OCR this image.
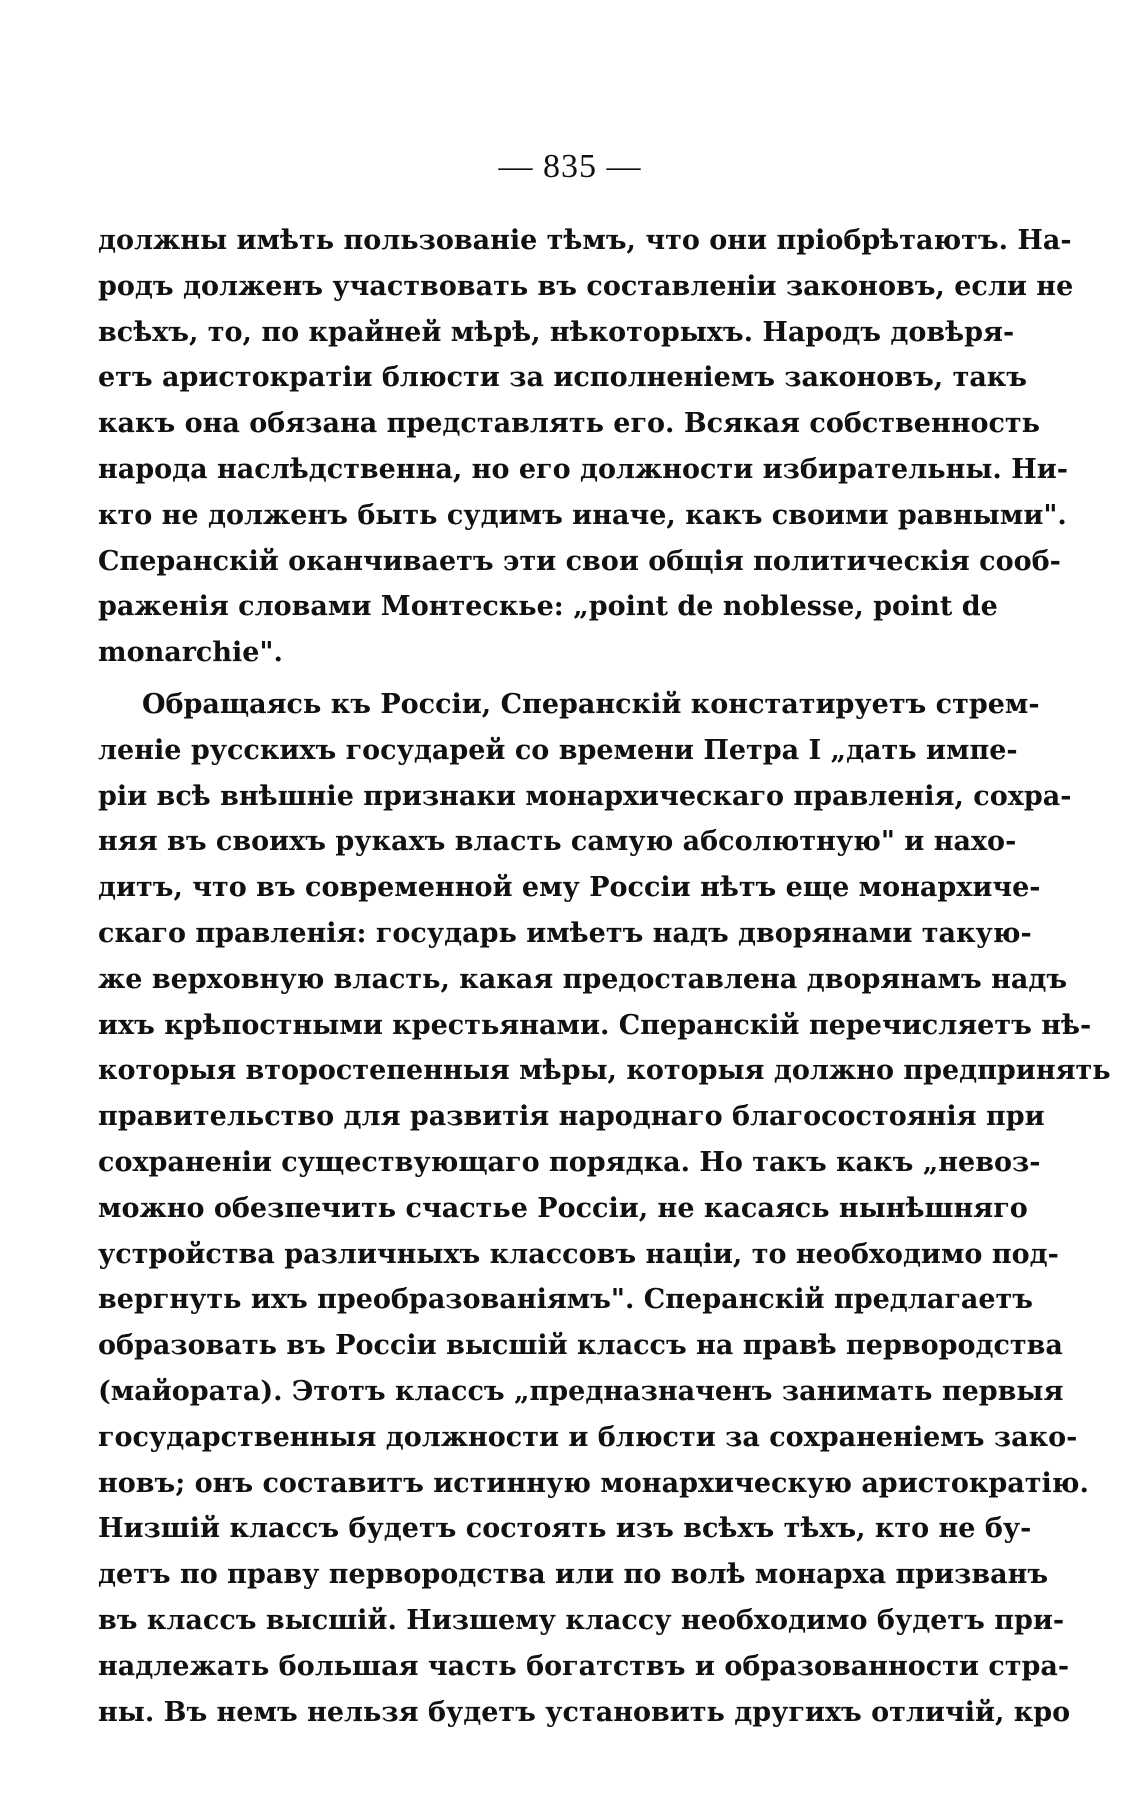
— 835 —
должны имѣть пользованіе тѣмъ, что они пріобрѣтаютъ. На-
родъ долженъ участвовать въ составленіи законовъ, если не
всѣхъ, то, по крайней мѣрѣ, нѣкоторыхъ. Народъ довѣря-
етъ аристократіи блюсти за исполненіемъ законовъ, такъ
какъ она обязана представлять его. Всякая собственность
народа наслѣдственна, но его должности избирательны. Ни-
кто не долженъ быть судимъ иначе, какъ своими равными".
Сперанскій оканчиваетъ эти свои общія политическія сооб-
раженія словами Монтескье: „point de noblesse, point de
monarchie".
Обращаясь къ Россіи, Сперанскій констатируетъ стрем-
леніе русскихъ государей со времени Петра I „дать импе-
ріи всѣ внѣшніе признаки монархическаго правленія, сохра-
няя въ своихъ рукахъ власть самую абсолютную" и нахо-
дитъ, что въ современной ему Россіи нѣтъ еще монархиче-
скаго правленія: государь имѣетъ надъ дворянами такую-
же верховную власть, какая предоставлена дворянамъ надъ
ихъ крѣпостными крестьянами. Сперанскій перечисляетъ нѣ-
которыя второстепенныя мѣры, которыя должно предпринять
правительство для развитія народнаго благосостоянія при
сохраненіи существующаго порядка. Но такъ какъ „невоз-
можно обезпечить счастье Россіи, не касаясь нынѣшняго
устройства различныхъ классовъ націи, то необходимо под-
вергнуть ихъ преобразованіямъ". Сперанскій предлагаетъ
образовать въ Россіи высшій классъ на правѣ первородства
(майората). Этотъ классъ „предназначенъ занимать первыя
государственныя должности и блюсти за сохраненіемъ зако-
новъ; онъ составитъ истинную монархическую аристократію.
Низшій классъ будетъ состоять изъ всѣхъ тѣхъ, кто не бу-
детъ по праву первородства или по волѣ монарха призванъ
въ классъ высшій. Низшему классу необходимо будетъ при-
надлежать большая часть богатствъ и образованности стра-
ны. Въ немъ нельзя будетъ установить другихъ отличій, кро
